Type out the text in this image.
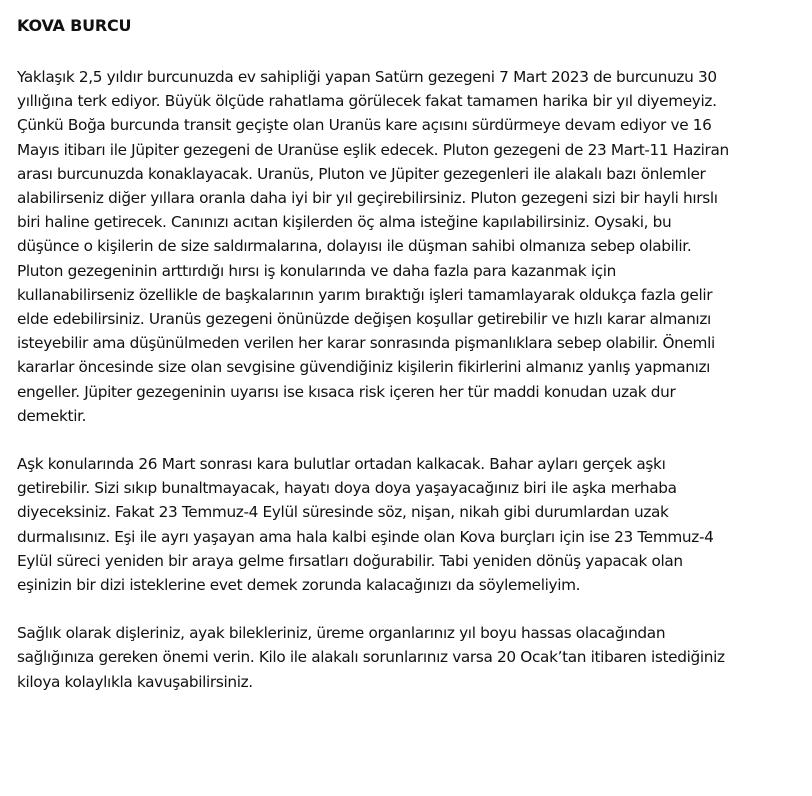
KOVA BURCU

Yaklaşık 2,5 yıldır burcunuzda ev sahipliği yapan Satürn gezegeni 7 Mart 2023 de burcunuzu 30
yıllığına terk ediyor. Büyük ölçüde rahatlama görülecek fakat tamamen harika bir yıl diyemeyiz.
Çünkü Boğa burcunda transit geçişte olan Uranüs kare açısını sürdürmeye devam ediyor ve 16
Mayıs itibarı ile Jüpiter gezegeni de Uranüse eşlik edecek. Pluton gezegeni de 23 Mart-11 Haziran
arası burcunuzda konaklayacak. Uranüs, Pluton ve Jüpiter gezegenleri ile alakalı bazı önlemler
alabilirseniz diğer yıllara oranla daha iyi bir yıl geçirebilirsiniz. Pluton gezegeni sizi bir hayli hırslı
biri haline getirecek. Canınızı acıtan kişilerden öç alma isteğine kapılabilirsiniz. Oysaki, bu
düşünce o kişilerin de size saldırmalarına, dolayısı ile düşman sahibi olmanıza sebep olabilir.
Pluton gezegeninin arttırdığı hırsı iş konularında ve daha fazla para kazanmak için
kullanabilirseniz özellikle de başkalarının yarım bıraktığı işleri tamamlayarak oldukça fazla gelir
elde edebilirsiniz. Uranüs gezegeni önünüzde değişen koşullar getirebilir ve hızlı karar almanızı
isteyebilir ama düşünülmeden verilen her karar sonrasında pişmanlıklara sebep olabilir. Önemli
kararlar öncesinde size olan sevgisine güvendiğiniz kişilerin fikirlerini almanız yanlış yapmanızı
engeller. Jüpiter gezegeninin uyarısı ise kısaca risk içeren her tür maddi konudan uzak dur
demektir.

Aşk konularında 26 Mart sonrası kara bulutlar ortadan kalkacak. Bahar ayları gerçek aşkı
getirebilir. Sizi sıkıp bunaltmayacak, hayatı doya doya yaşayacağınız biri ile aşka merhaba
diyeceksiniz. Fakat 23 Temmuz-4 Eylül süresinde söz, nişan, nikah gibi durumlardan uzak
durmalısınız. Eşi ile ayrı yaşayan ama hala kalbi eşinde olan Kova burçları için ise 23 Temmuz-4
Eylül süreci yeniden bir araya gelme fırsatları doğurabilir. Tabi yeniden dönüş yapacak olan
eşinizin bir dizi isteklerine evet demek zorunda kalacağınızı da söylemeliyim.

Sağlık olarak dişleriniz, ayak bilekleriniz, üreme organlarınız yıl boyu hassas olacağından
sağlığınıza gereken önemi verin. Kilo ile alakalı sorunlarınız varsa 20 Ocak’tan itibaren istediğiniz
kiloya kolaylıkla kavuşabilirsiniz.
